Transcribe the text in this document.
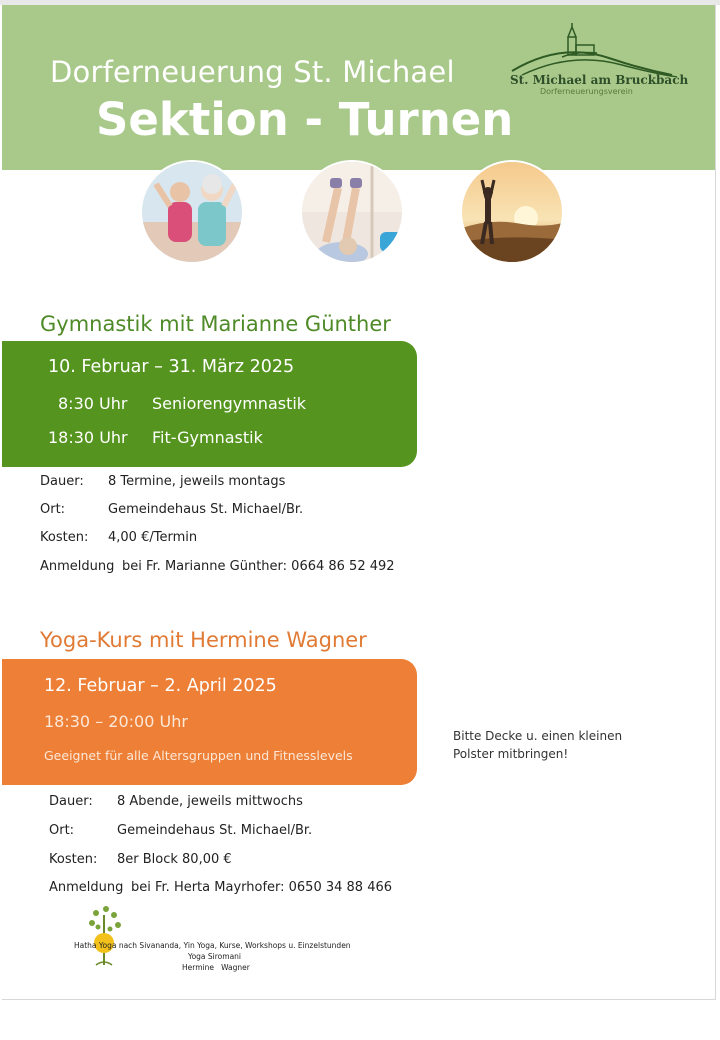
Dorferneuerung St. Michael
Sektion - Turnen
St. Michael am Bruckbach
Dorferneuerungsverein
Gymnastik mit Marianne Günther
10. Februar – 31. März 2025
8:30 Uhr Seniorengymnastik
18:30 Uhr Fit-Gymnastik
Dauer: 8 Termine, jeweils montags
Ort:	Gemeindehaus St. Michael/Br.
Kosten: 4,00 €/Termin
Anmeldung bei Fr. Marianne Günther: 0664 86 52 492
Yoga-Kurs mit Hermine Wagner
12. Februar – 2. April 2025
18:30 – 20:00 Uhr
Geeignet für alle Altersgruppen und Fitnesslevels
Bitte Decke u. einen kleinen Polster mitbringen!
Dauer: 8 Abende, jeweils mittwochs
Ort:	Gemeindehaus St. Michael/Br.
Kosten: 8er Block 80,00 €
Anmeldung bei Fr. Herta Mayrhofer: 0650 34 88 466
Hatha Yoga nach Sivananda, Yin Yoga, Kurse, Workshops u. Einzelstunden
Yoga Siromani
Hermine   Wagner
